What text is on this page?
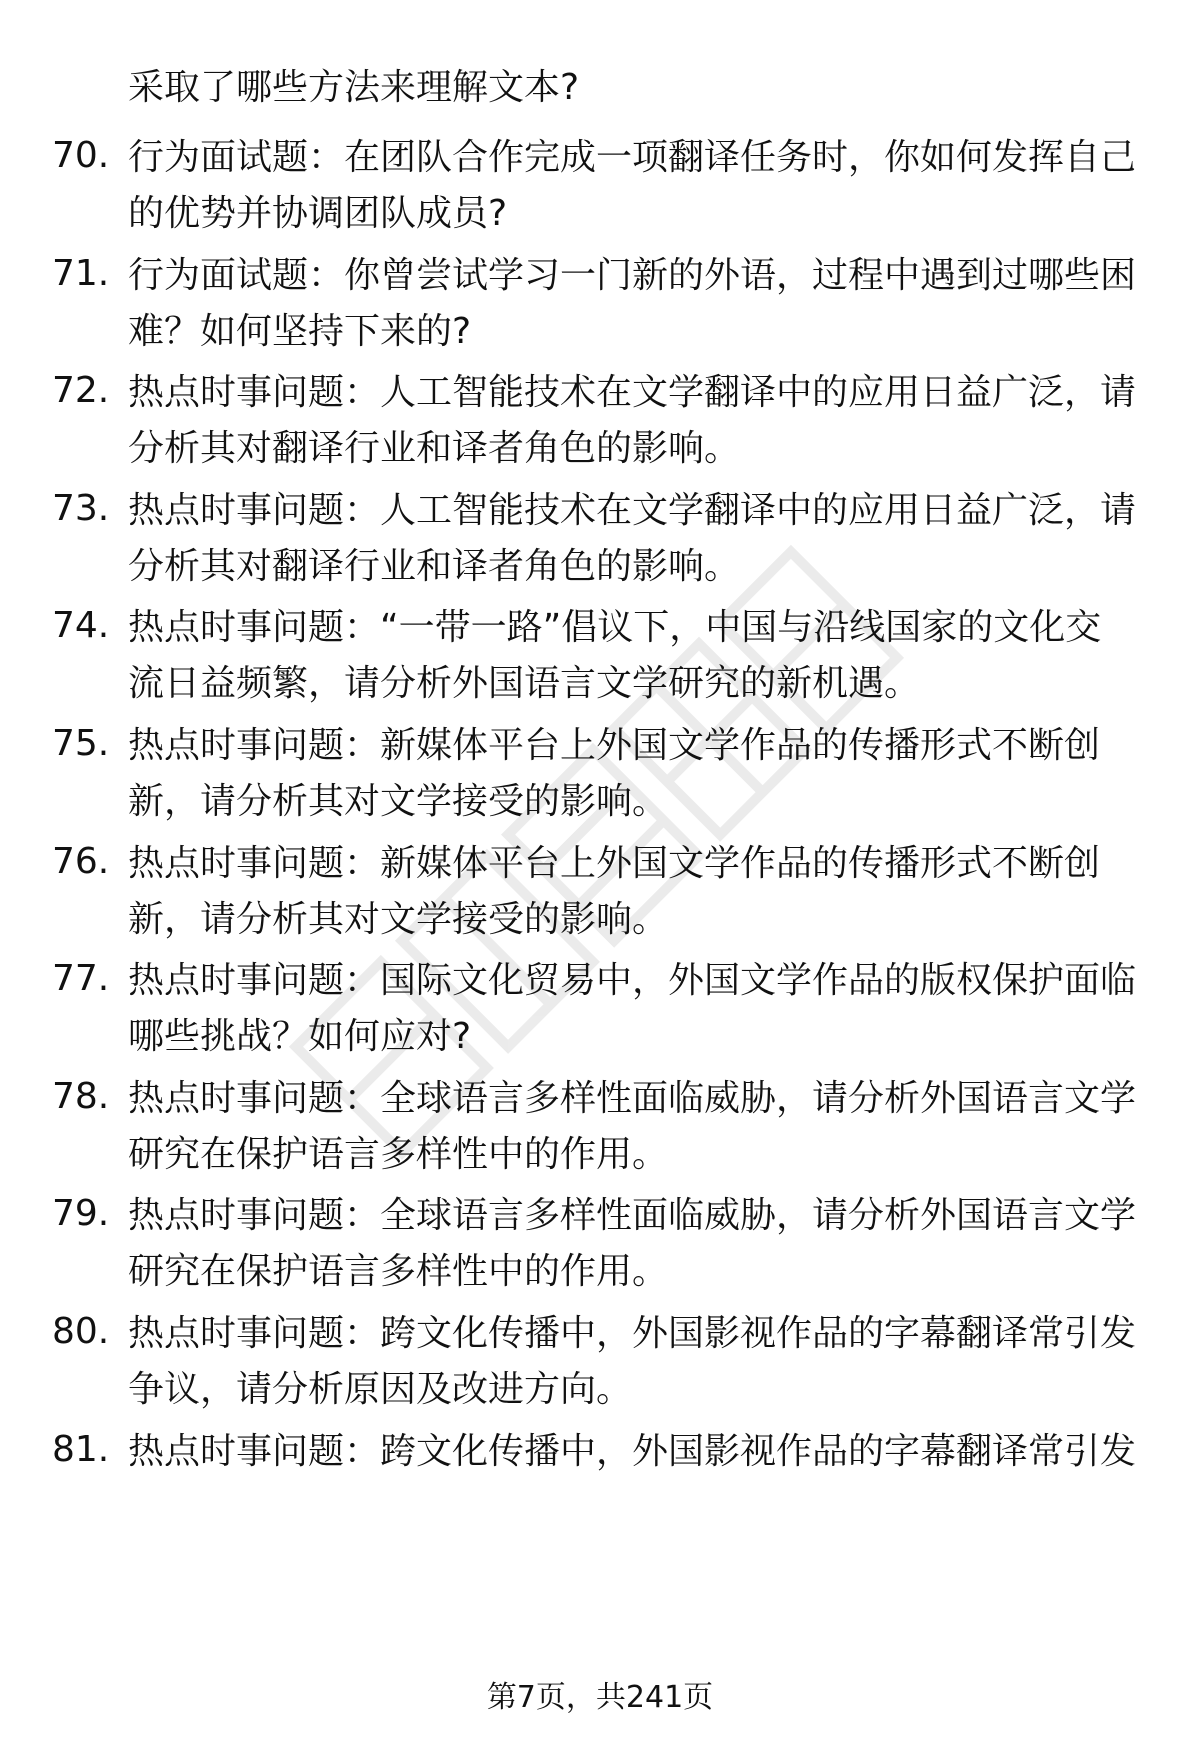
采取了哪些方法来理解文本?
70. 行为面试题：在团队合作完成一项翻译任务时，你如何发挥自己
的优势并协调团队成员?
71. 行为面试题：你曾尝试学习一门新的外语，过程中遇到过哪些困
难？如何坚持下来的?
72. 热点时事问题：人工智能技术在文学翻译中的应用日益广泛，请
分析其对翻译行业和译者角色的影响。
73. 热点时事问题：人工智能技术在文学翻译中的应用日益广泛，请
分析其对翻译行业和译者角色的影响。
74. 热点时事问题：“一带一路”倡议下，中国与沿线国家的文化交
流日益频繁，请分析外国语言文学研究的新机遇。
75. 热点时事问题：新媒体平台上外国文学作品的传播形式不断创
新，请分析其对文学接受的影响。
76. 热点时事问题：新媒体平台上外国文学作品的传播形式不断创
新，请分析其对文学接受的影响。
77. 热点时事问题：国际文化贸易中，外国文学作品的版权保护面临
哪些挑战？如何应对?
78. 热点时事问题：全球语言多样性面临威胁，请分析外国语言文学
研究在保护语言多样性中的作用。
79. 热点时事问题：全球语言多样性面临威胁，请分析外国语言文学
研究在保护语言多样性中的作用。
80. 热点时事问题：跨文化传播中，外国影视作品的字幕翻译常引发
争议，请分析原因及改进方向。
81. 热点时事问题：跨文化传播中，外国影视作品的字幕翻译常引发
第7页，共241页
